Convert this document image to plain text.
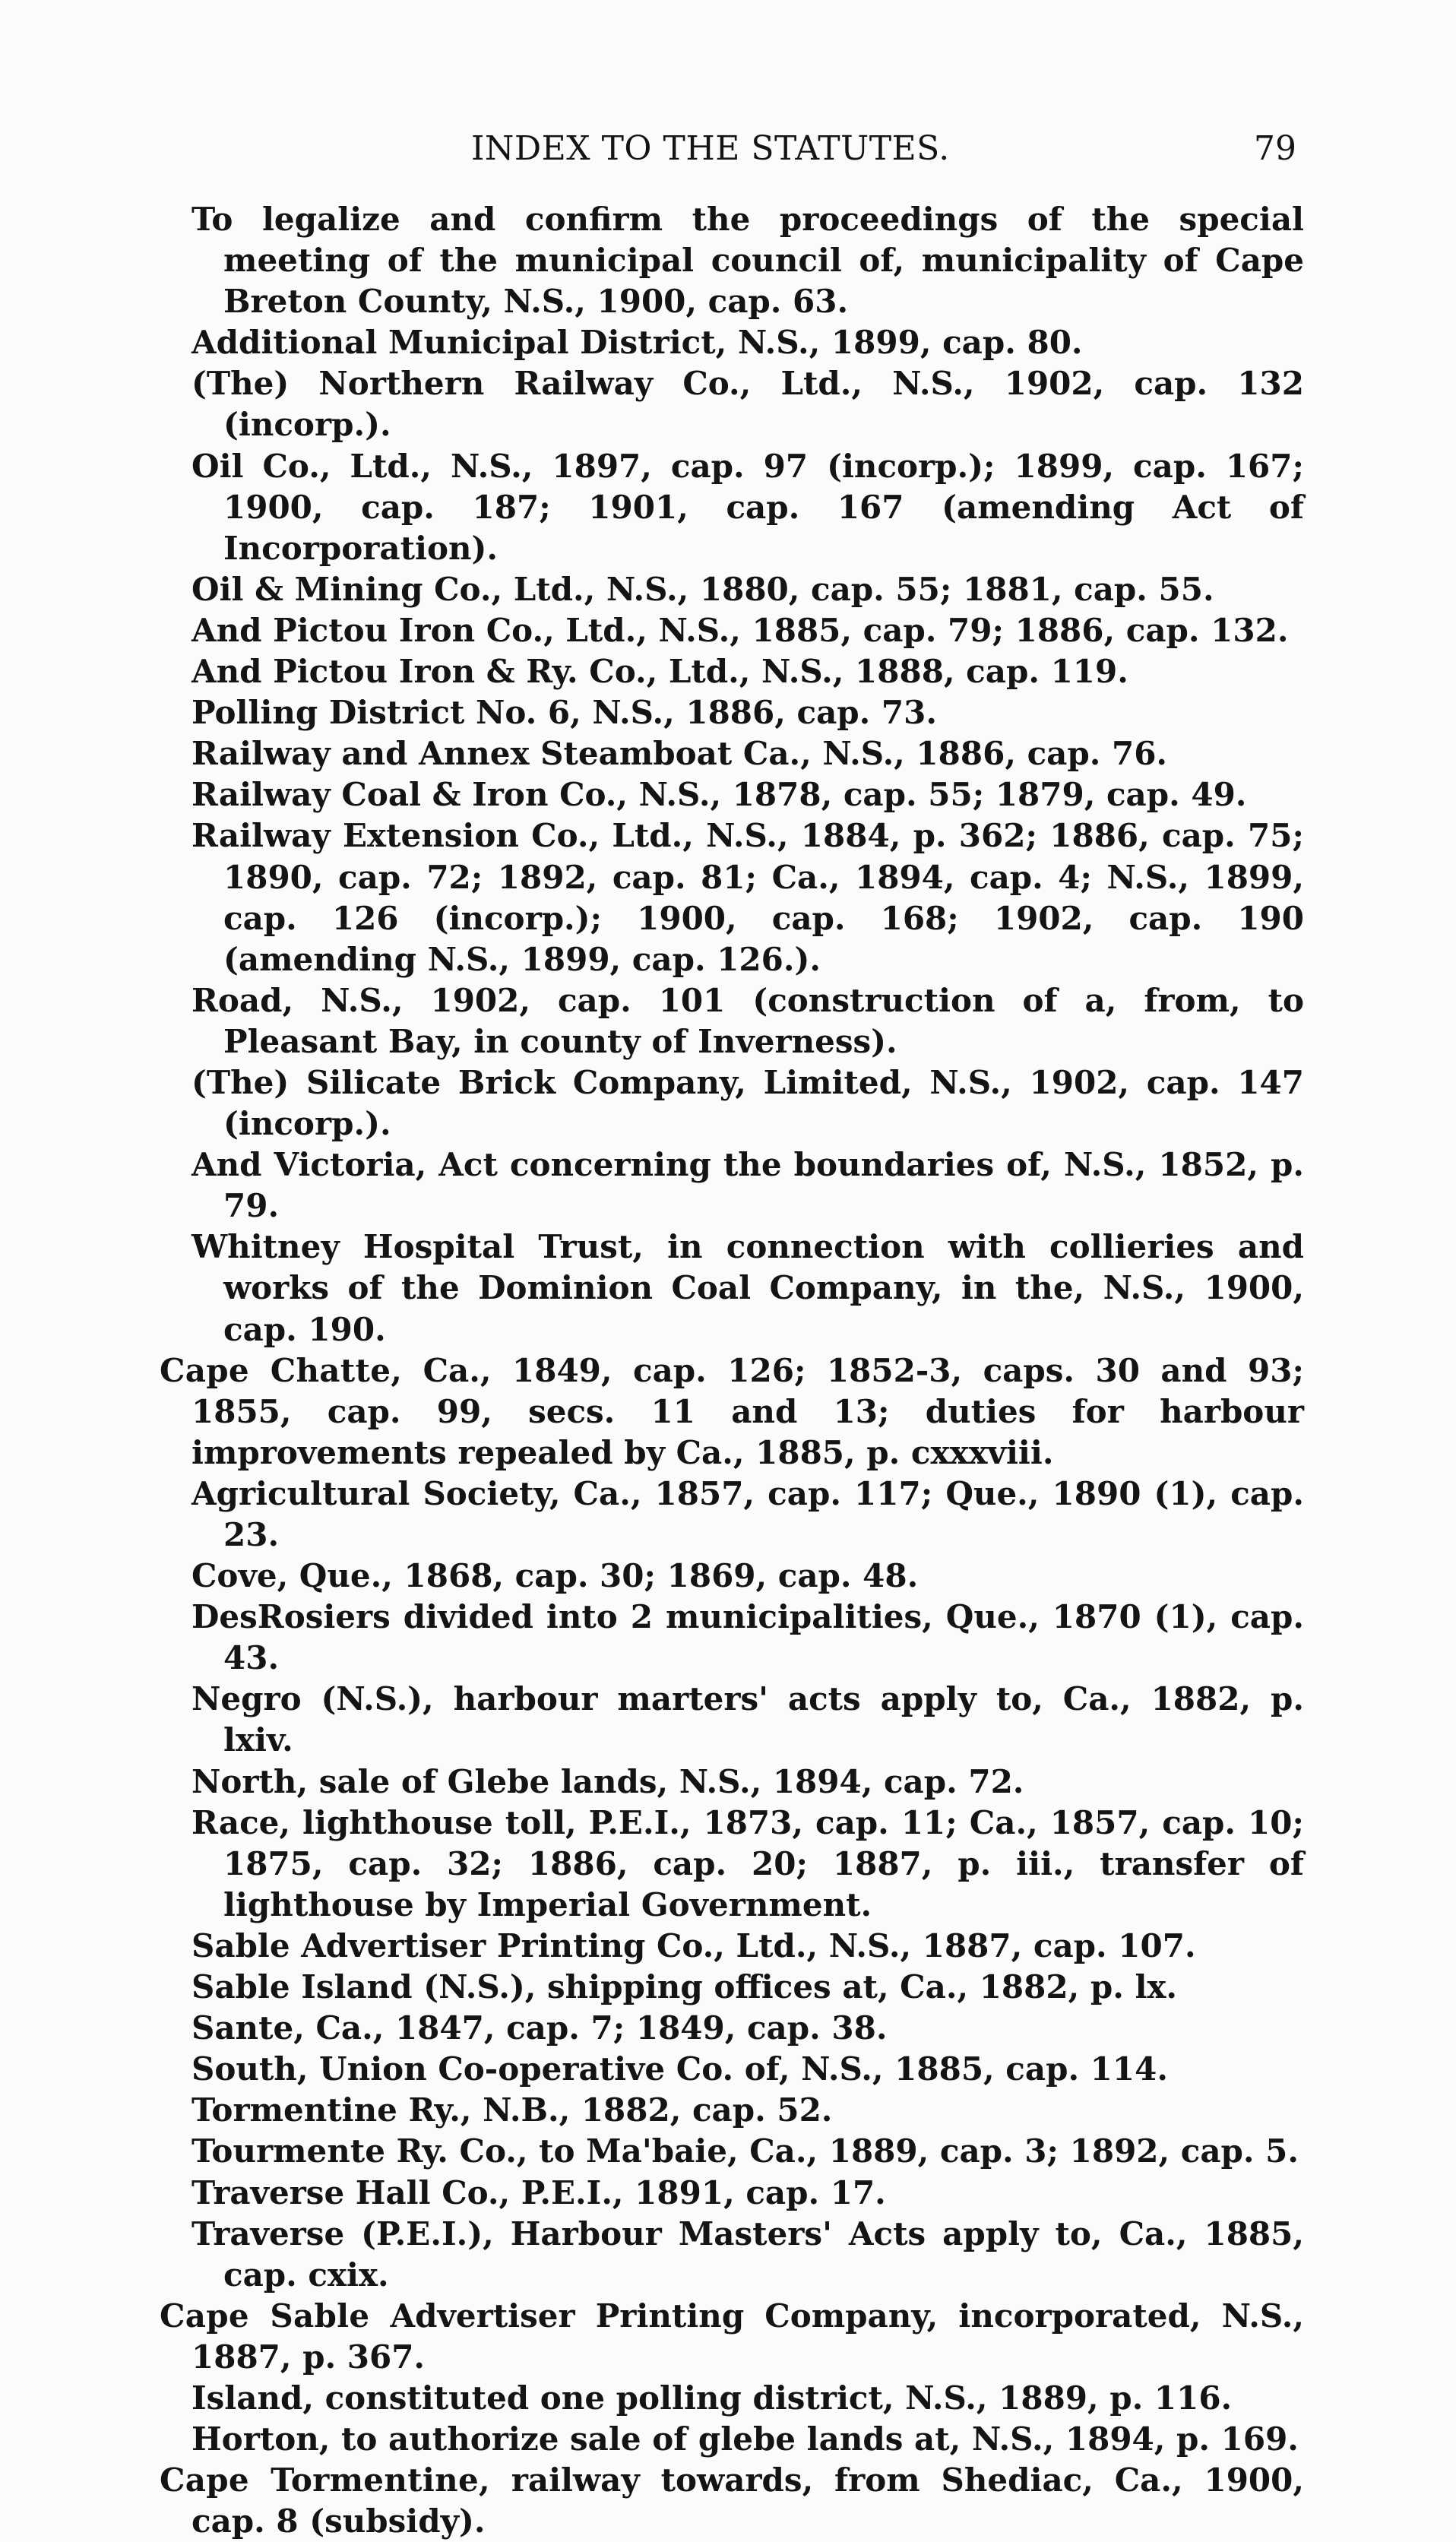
INDEX TO THE STATUTES.	79
To legalize and confirm the proceedings of the special meeting of the municipal council of, municipality of Cape Breton County, N.S., 1900, cap. 63.
Additional Municipal District, N.S., 1899, cap. 80.
(The) Northern Railway Co., Ltd., N.S., 1902, cap. 132 (incorp.).
Oil Co., Ltd., N.S., 1897, cap. 97 (incorp.); 1899, cap. 167; 1900, cap. 187; 1901, cap. 167 (amending Act of Incorporation).
Oil & Mining Co., Ltd., N.S., 1880, cap. 55; 1881, cap. 55.
And Pictou Iron Co., Ltd., N.S., 1885, cap. 79; 1886, cap. 132.
And Pictou Iron & Ry. Co., Ltd., N.S., 1888, cap. 119.
Polling District No. 6, N.S., 1886, cap. 73.
Railway and Annex Steamboat Ca., N.S., 1886, cap. 76.
Railway Coal & Iron Co., N.S., 1878, cap. 55; 1879, cap. 49.
Railway Extension Co., Ltd., N.S., 1884, p. 362; 1886, cap. 75; 1890, cap. 72; 1892, cap. 81; Ca., 1894, cap. 4; N.S., 1899, cap. 126 (incorp.); 1900, cap. 168; 1902, cap. 190 (amending N.S., 1899, cap. 126.).
Road, N.S., 1902, cap. 101 (construction of a, from, to Pleasant Bay, in county of Inverness).
(The) Silicate Brick Company, Limited, N.S., 1902, cap. 147 (incorp.).
And Victoria, Act concerning the boundaries of, N.S., 1852, p. 79.
Whitney Hospital Trust, in connection with collieries and works of the Dominion Coal Company, in the, N.S., 1900, cap. 190.
Cape Chatte, Ca., 1849, cap. 126; 1852-3, caps. 30 and 93; 1855, cap. 99, secs. 11 and 13; duties for harbour improvements repealed by Ca., 1885, p. cxxxviii.
Agricultural Society, Ca., 1857, cap. 117; Que., 1890 (1), cap. 23.
Cove, Que., 1868, cap. 30; 1869, cap. 48.
DesRosiers divided into 2 municipalities, Que., 1870 (1), cap. 43.
Negro (N.S.), harbour marters' acts apply to, Ca., 1882, p. lxiv.
North, sale of Glebe lands, N.S., 1894, cap. 72.
Race, lighthouse toll, P.E.I., 1873, cap. 11; Ca., 1857, cap. 10; 1875, cap. 32; 1886, cap. 20; 1887, p. iii., transfer of lighthouse by Imperial Government.
Sable Advertiser Printing Co., Ltd., N.S., 1887, cap. 107.
Sable Island (N.S.), shipping offices at, Ca., 1882, p. lx.
Sante, Ca., 1847, cap. 7; 1849, cap. 38.
South, Union Co-operative Co. of, N.S., 1885, cap. 114.
Tormentine Ry., N.B., 1882, cap. 52.
Tourmente Ry. Co., to Ma'baie, Ca., 1889, cap. 3; 1892, cap. 5.
Traverse Hall Co., P.E.I., 1891, cap. 17.
Traverse (P.E.I.), Harbour Masters' Acts apply to, Ca., 1885, cap. cxix.
Cape Sable Advertiser Printing Company, incorporated, N.S., 1887, p. 367.
Island, constituted one polling district, N.S., 1889, p. 116.
Horton, to authorize sale of glebe lands at, N.S., 1894, p. 169.
Cape Tormentine, railway towards, from Shediac, Ca., 1900, cap. 8 (subsidy).
